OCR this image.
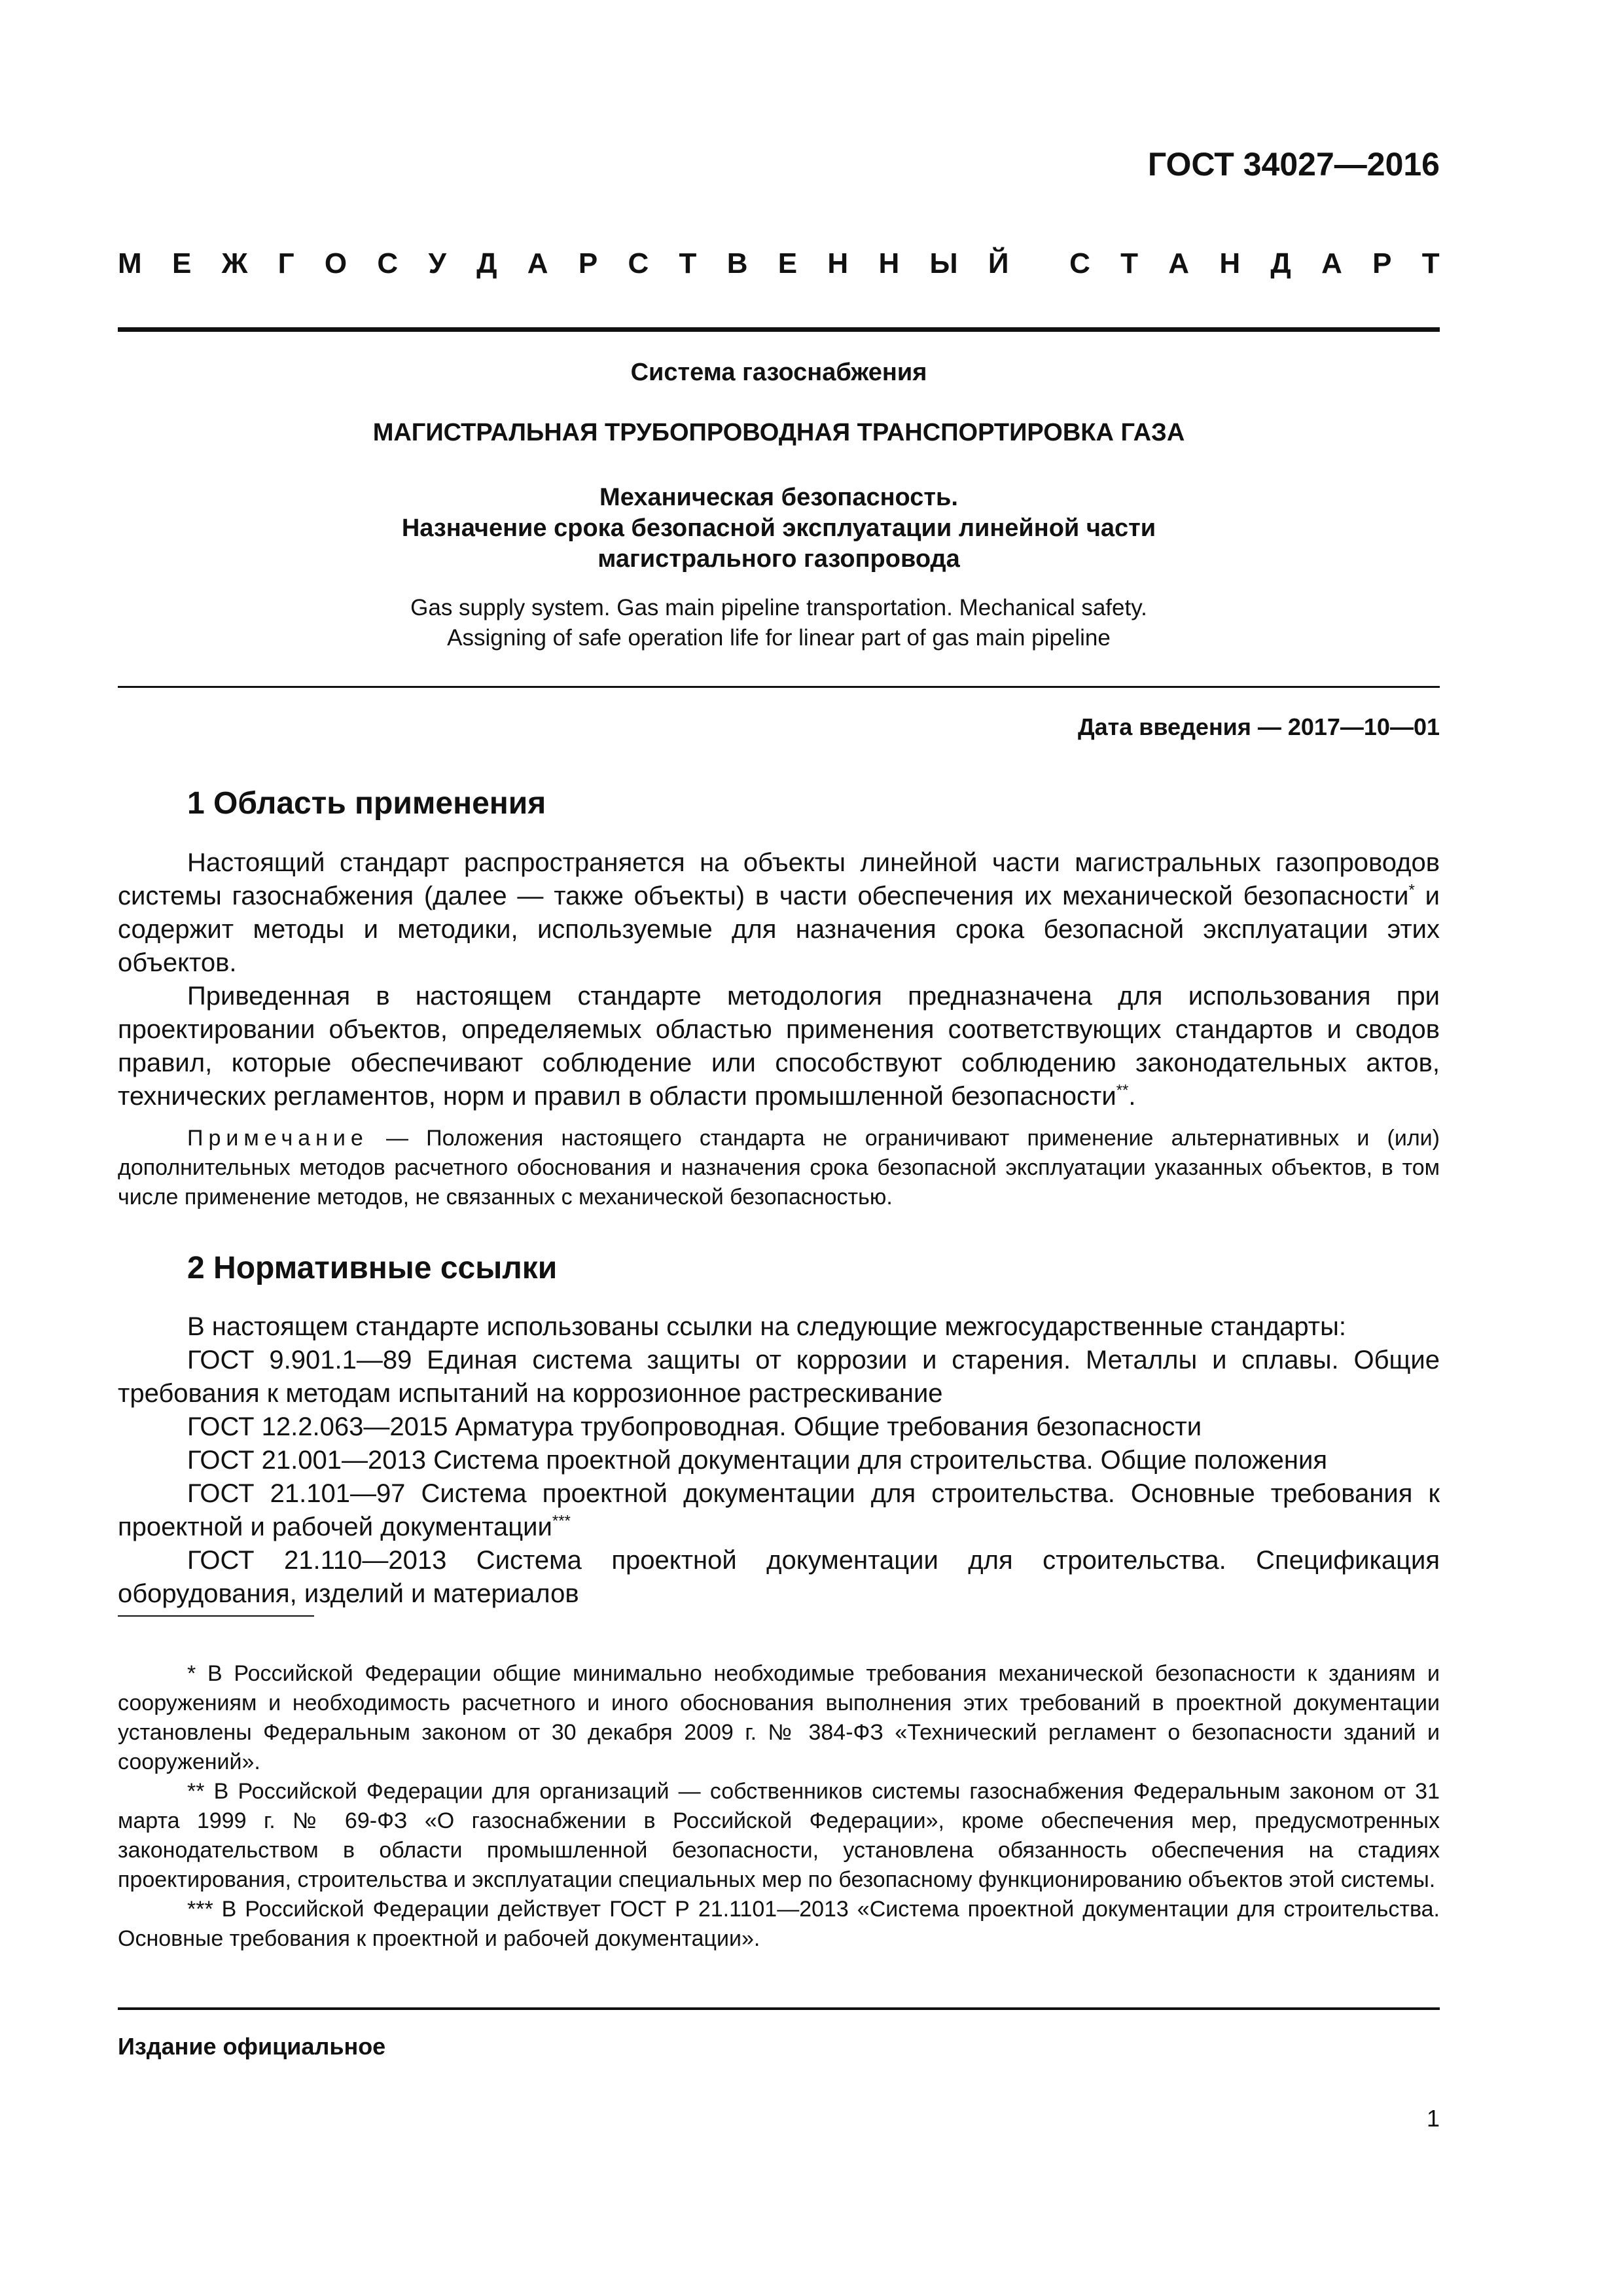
ГОСТ 34027—2016
М Е Ж Г О С У Д А Р С Т В Е Н Н Ы Й С Т А Н Д А Р Т
Система газоснабжения
МАГИСТРАЛЬНАЯ ТРУБОПРОВОДНАЯ ТРАНСПОРТИРОВКА ГАЗА
Механическая безопасность.
Назначение срока безопасной эксплуатации линейной части
магистрального газопровода
Gas supply system. Gas main pipeline transportation. Mechanical safety.
Assigning of safe operation life for linear part of gas main pipeline
Дата введения — 2017—10—01
1 Область применения

Настоящий стандарт распространяется на объекты линейной части магистральных газопроводов системы газоснабжения (далее — также объекты) в части обеспечения их механической безопасности* и содержит методы и методики, используемые для назначения срока безопасной эксплуатации этих объектов.

Приведенная в настоящем стандарте методология предназначена для использования при проектировании объектов, определяемых областью применения соответствующих стандартов и сводов правил, которые обеспечивают соблюдение или способствуют соблюдению законодательных актов, технических регламентов, норм и правил в области промышленной безопасности**.

Примечание — Положения настоящего стандарта не ограничивают применение альтернативных и (или) дополнительных методов расчетного обоснования и назначения срока безопасной эксплуатации указанных объектов, в том числе применение методов, не связанных с механической безопасностью.

2 Нормативные ссылки

В настоящем стандарте использованы ссылки на следующие межгосударственные стандарты:

ГОСТ 9.901.1—89 Единая система защиты от коррозии и старения. Металлы и сплавы. Общие требования к методам испытаний на коррозионное растрескивание

ГОСТ 12.2.063—2015 Арматура трубопроводная. Общие требования безопасности

ГОСТ 21.001—2013 Система проектной документации для строительства. Общие положения

ГОСТ 21.101—97 Система проектной документации для строительства. Основные требования к проектной и рабочей документации***

ГОСТ 21.110—2013 Система проектной документации для строительства. Спецификация оборудования, изделий и материалов

* В Российской Федерации общие минимально необходимые требования механической безопасности к зданиям и сооружениям и необходимость расчетного и иного обоснования выполнения этих требований в проектной документации установлены Федеральным законом от 30 декабря 2009 г. № 384-ФЗ «Технический регламент о безопасности зданий и сооружений».

** В Российской Федерации для организаций — собственников системы газоснабжения Федеральным законом от 31 марта 1999 г. № 69-ФЗ «О газоснабжении в Российской Федерации», кроме обеспечения мер, предусмотренных законодательством в области промышленной безопасности, установлена обязанность обеспечения на стадиях проектирования, строительства и эксплуатации специальных мер по безопасному функционированию объектов этой системы.

*** В Российской Федерации действует ГОСТ Р 21.1101—2013 «Система проектной документации для строительства. Основные требования к проектной и рабочей документации».

Издание официальное
1
